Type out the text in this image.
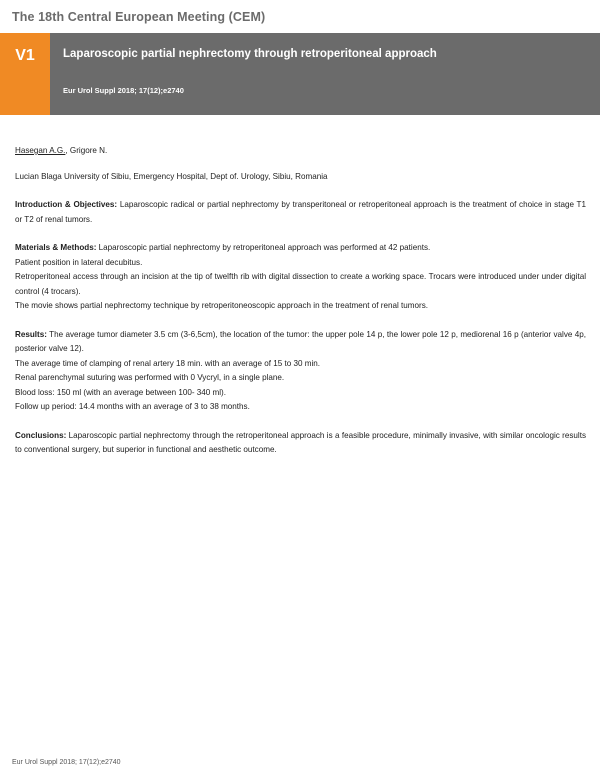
The 18th Central European Meeting (CEM)
V1	Laparoscopic partial nephrectomy through retroperitoneal approach
Eur Urol Suppl 2018; 17(12);e2740

Hasegan A.G., Grigore N.

Lucian Blaga University of Sibiu, Emergency Hospital, Dept of. Urology, Sibiu, Romania

Introduction & Objectives: Laparoscopic radical or partial nephrectomy by transperitoneal or retroperitoneal approach is the treatment of choice in stage T1 or T2 of renal tumors.

Materials & Methods: Laparoscopic partial nephrectomy by retroperitoneal approach was performed at 42 patients.

Patient position in lateral decubitus.

Retroperitoneal access through an incision at the tip of twelfth rib with digital dissection to create a working space. Trocars were introduced under under digital control (4 trocars).

The movie shows partial nephrectomy technique by retroperitoneoscopic approach in the treatment of renal tumors.

Results: The average tumor diameter 3.5 cm (3-6,5cm), the location of the tumor: the upper pole 14 p, the lower pole 12 p, mediorenal 16 p (anterior valve 4p, posterior valve 12).

The average time of clamping of renal artery 18 min. with an average of 15 to 30 min.

Renal parenchymal suturing was performed with 0 Vycryl, in a single plane.

Blood loss: 150 ml (with an average between 100- 340 ml).

Follow up period: 14.4 months with an average of 3 to 38 months.

Conclusions: Laparoscopic partial nephrectomy through the retroperitoneal approach is a feasible procedure, minimally invasive, with similar oncologic results to conventional surgery, but superior in functional and aesthetic outcome.

Eur Urol Suppl 2018; 17(12);e2740
